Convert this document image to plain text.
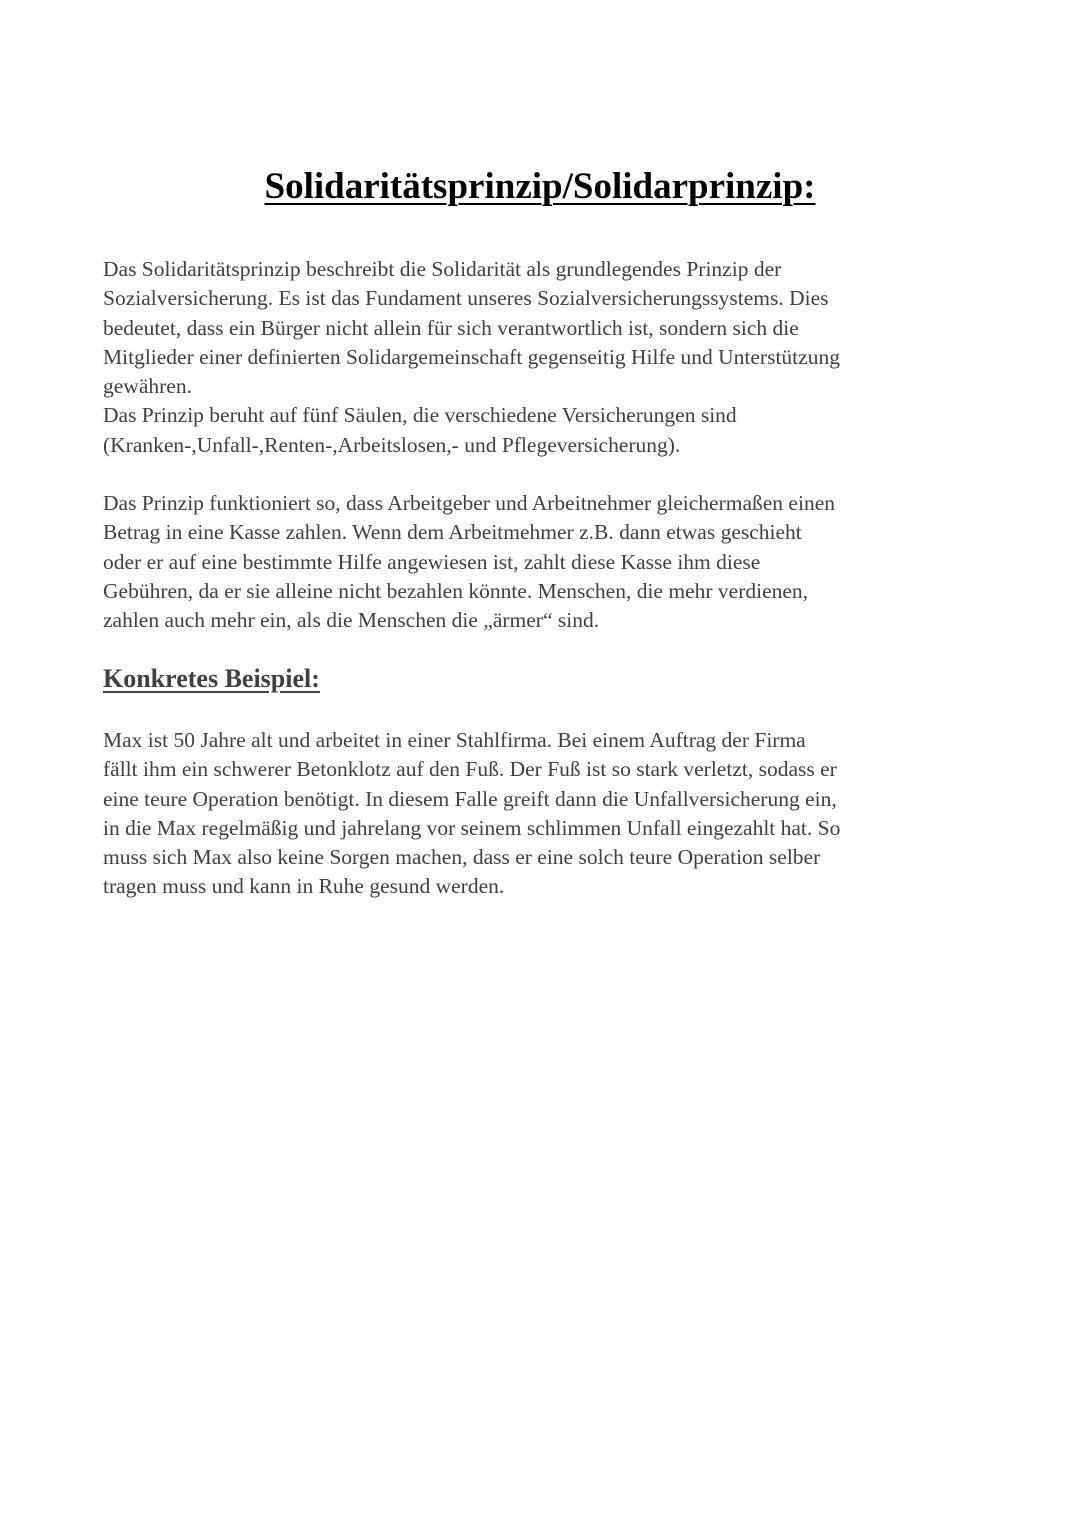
Solidaritätsprinzip/Solidarprinzip:

Das Solidaritätsprinzip beschreibt die Solidarität als grundlegendes Prinzip der
Sozialversicherung. Es ist das Fundament unseres Sozialversicherungssystems. Dies
bedeutet, dass ein Bürger nicht allein für sich verantwortlich ist, sondern sich die
Mitglieder einer definierten Solidargemeinschaft gegenseitig Hilfe und Unterstützung
gewähren.
Das Prinzip beruht auf fünf Säulen, die verschiedene Versicherungen sind
(Kranken-,Unfall-,Renten-,Arbeitslosen,- und Pflegeversicherung).

Das Prinzip funktioniert so, dass Arbeitgeber und Arbeitnehmer gleichermaßen einen
Betrag in eine Kasse zahlen. Wenn dem Arbeitmehmer z.B. dann etwas geschieht
oder er auf eine bestimmte Hilfe angewiesen ist, zahlt diese Kasse ihm diese
Gebühren, da er sie alleine nicht bezahlen könnte. Menschen, die mehr verdienen,
zahlen auch mehr ein, als die Menschen die „ärmer“ sind.

Konkretes Beispiel:

Max ist 50 Jahre alt und arbeitet in einer Stahlfirma. Bei einem Auftrag der Firma
fällt ihm ein schwerer Betonklotz auf den Fuß. Der Fuß ist so stark verletzt, sodass er
eine teure Operation benötigt. In diesem Falle greift dann die Unfallversicherung ein,
in die Max regelmäßig und jahrelang vor seinem schlimmen Unfall eingezahlt hat. So
muss sich Max also keine Sorgen machen, dass er eine solch teure Operation selber
tragen muss und kann in Ruhe gesund werden.
